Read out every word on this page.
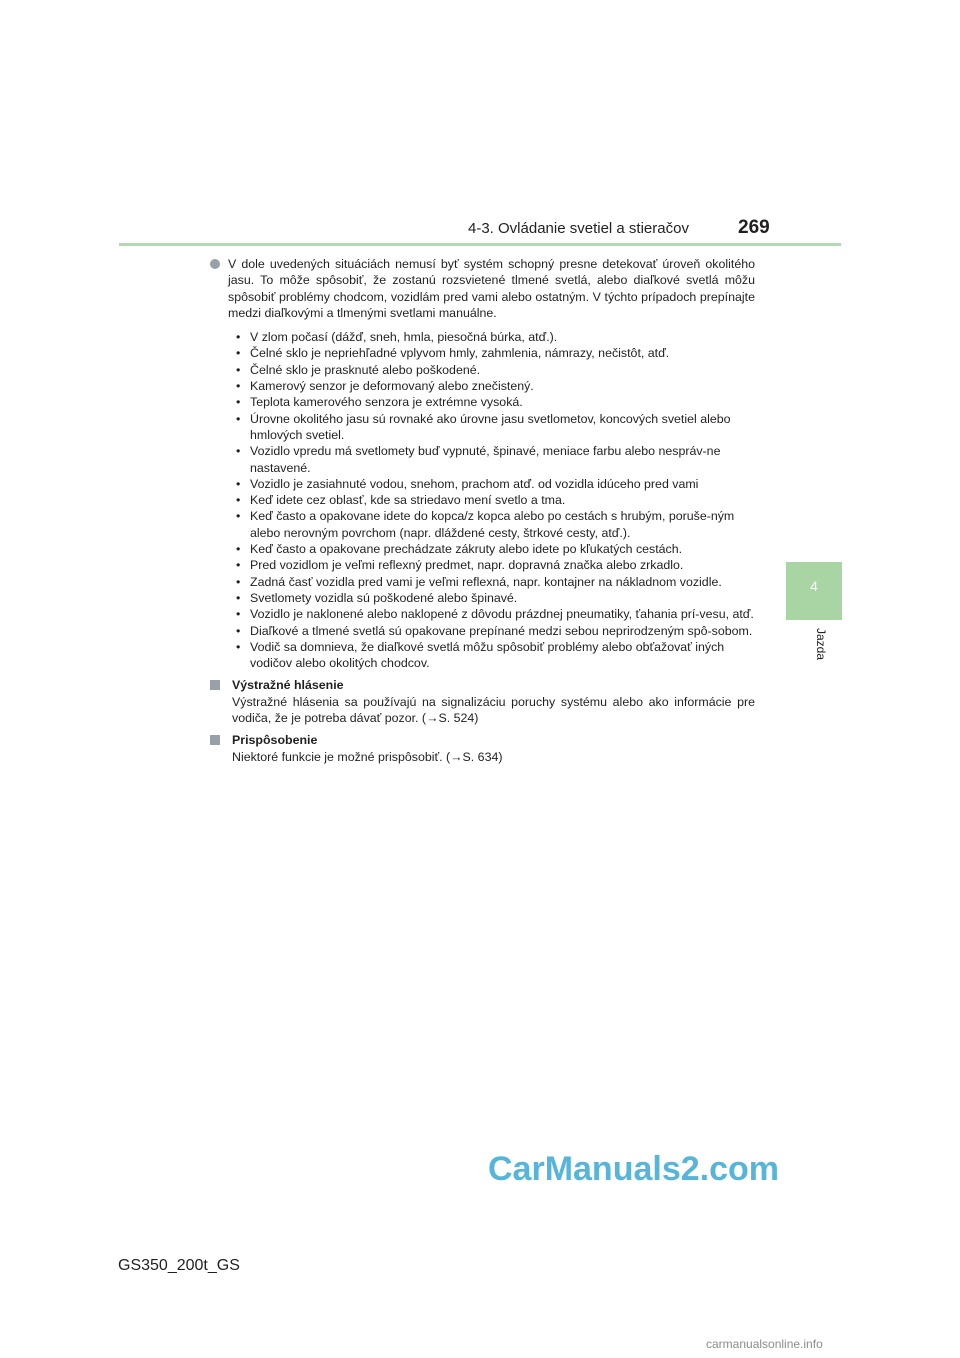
4-3. Ovládanie svetiel a stieračov	269
4
Jazda
V dole uvedených situáciách nemusí byť systém schopný presne detekovať úroveň okolitého jasu. To môže spôsobiť, že zostanú rozsvietené tlmené svetlá, alebo diaľkové svetlá môžu spôsobiť problémy chodcom, vozidlám pred vami alebo ostatným. V týchto prípadoch prepínajte medzi diaľkovými a tlmenými svetlami manuálne.
• V zlom počasí (dážď, sneh, hmla, piesočná búrka, atď.).
• Čelné sklo je nepriehľadné vplyvom hmly, zahmlenia, námrazy, nečistôt, atď.
• Čelné sklo je prasknuté alebo poškodené.
• Kamerový senzor je deformovaný alebo znečistený.
• Teplota kamerového senzora je extrémne vysoká.
• Úrovne okolitého jasu sú rovnaké ako úrovne jasu svetlometov, koncových svetiel alebo hmlových svetiel.
• Vozidlo vpredu má svetlomety buď vypnuté, špinavé, meniace farbu alebo nespráv-ne nastavené.
• Vozidlo je zasiahnuté vodou, snehom, prachom atď. od vozidla idúceho pred vami
• Keď idete cez oblasť, kde sa striedavo mení svetlo a tma.
• Keď často a opakovane idete do kopca/z kopca alebo po cestách s hrubým, poruše-ným alebo nerovným povrchom (napr. dláždené cesty, štrkové cesty, atď.).
• Keď často a opakovane prechádzate zákruty alebo idete po kľukatých cestách.
• Pred vozidlom je veľmi reflexný predmet, napr. dopravná značka alebo zrkadlo.
• Zadná časť vozidla pred vami je veľmi reflexná, napr. kontajner na nákladnom vozidle.
• Svetlomety vozidla sú poškodené alebo špinavé.
• Vozidlo je naklonené alebo naklopené z dôvodu prázdnej pneumatiky, ťahania prí-vesu, atď.
• Diaľkové a tlmené svetlá sú opakovane prepínané medzi sebou neprirodzeným spô-sobom.
• Vodič sa domnieva, že diaľkové svetlá môžu spôsobiť problémy alebo obťažovať iných vodičov alebo okolitých chodcov.
Výstražné hlásenie
Výstražné hlásenia sa používajú na signalizáciu poruchy systému alebo ako informácie pre vodiča, že je potreba dávať pozor. (→S. 524)
Prispôsobenie
Niektoré funkcie je možné prispôsobiť. (→S. 634)
CarManuals2.com
GS350_200t_GS
carmanualsonline.info
